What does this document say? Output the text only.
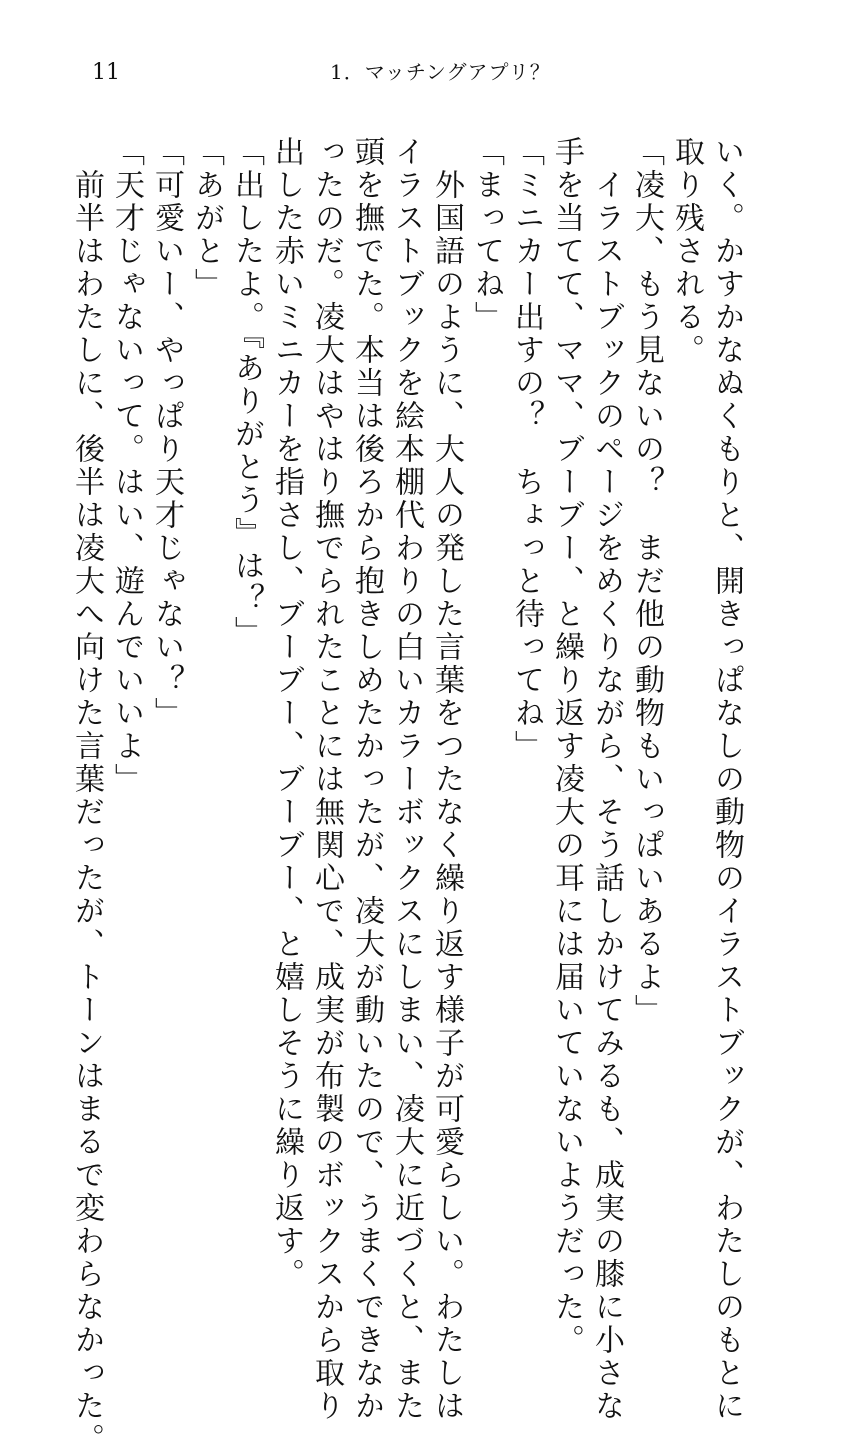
11	1．マッチングアプリ？
いく。かすかなぬくもりと、開きっぱなしの動物のイラストブックが、わたしのもとに
取り残される。
「凌大、もう見ないの？　まだ他の動物もいっぱいあるよ」
　イラストブックのページをめくりながら、そう話しかけてみるも、成実の膝に小さな
手を当てて、ママ、ブーブー、と繰り返す凌大の耳には届いていないようだった。
「ミニカー出すの？　ちょっと待ってね」
「まってね」
　外国語のように、大人の発した言葉をつたなく繰り返す様子が可愛らしい。わたしは
イラストブックを絵本棚代わりの白いカラーボックスにしまい、凌大に近づくと、また
頭を撫でた。本当は後ろから抱きしめたかったが、凌大が動いたので、うまくできなか
ったのだ。凌大はやはり撫でられたことには無関心で、成実が布製のボックスから取り
出した赤いミニカーを指さし、ブーブー、ブーブー、と嬉しそうに繰り返す。
「出したよ。『ありがとう』は？」
「あがと」
「可愛いー、やっぱり天才じゃない？」
「天才じゃないって。はい、遊んでいいよ」
　前半はわたしに、後半は凌大へ向けた言葉だったが、トーンはまるで変わらなかった。
